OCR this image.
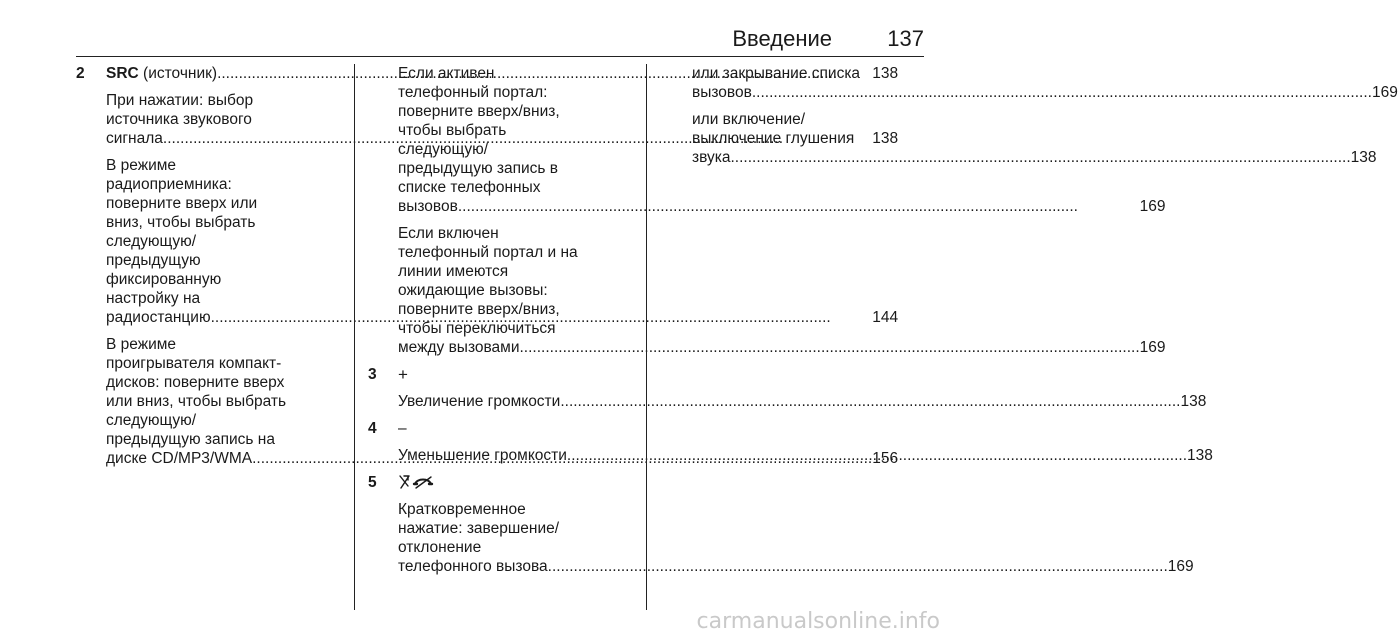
Введение	137
2	SRC (источник) .....	138
При нажатии: выбор
источника звукового
сигнала .....	138
В режиме
радиоприемника:
поверните вверх или
вниз, чтобы выбрать
следующую/
предыдущую
фиксированную
настройку на
радиостанцию .....	144
В режиме
проигрывателя компакт-
дисков: поверните вверх
или вниз, чтобы выбрать
следующую/
предыдущую запись на
диске CD/MP3/WMA .....	156
Если активен
телефонный портал:
поверните вверх/вниз,
чтобы выбрать
следующую/
предыдущую запись в
списке телефонных
вызовов .....	169
Если включен
телефонный портал и на
линии имеются
ожидающие вызовы:
поверните вверх/вниз,
чтобы переключиться
между вызовами .....	169
3	+
Увеличение громкости .....	138
4	–
Уменьшение громкости .....	138
5
Кратковременное
нажатие: завершение/
отклонение
телефонного вызова .....	169
или закрывание списка
вызовов .....	169
или включение/
выключение глушения
звука .....	138
carmanualsonline.info
